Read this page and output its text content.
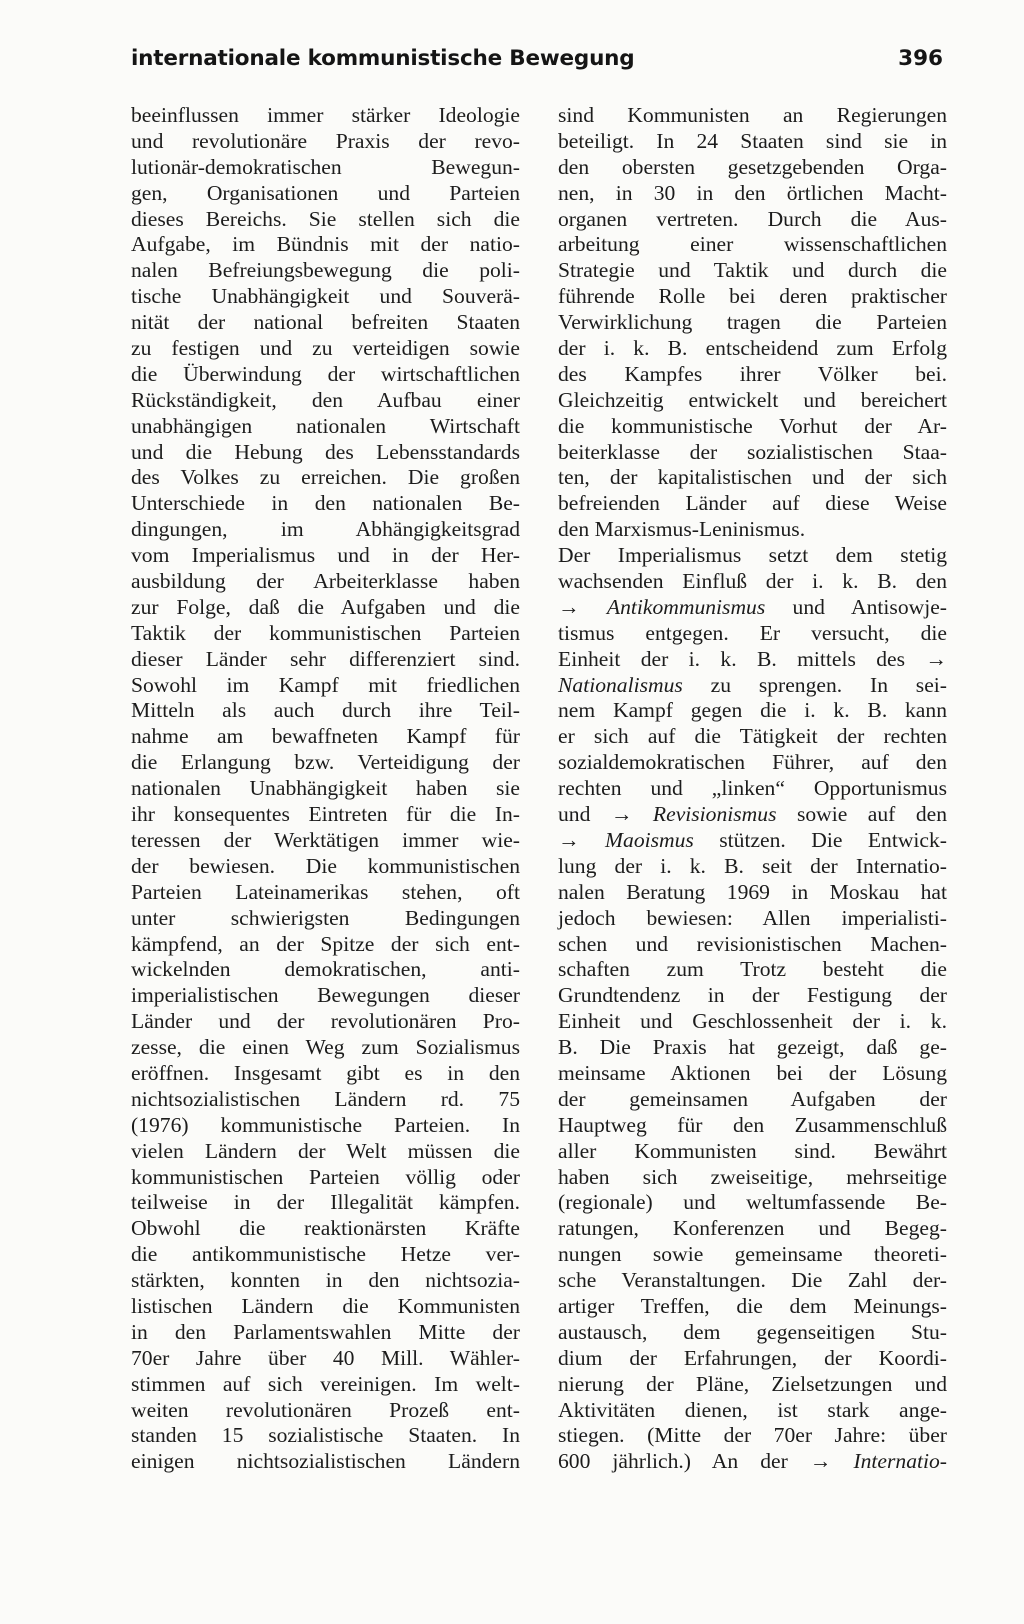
internationale kommunistische Bewegung	396
beeinflussen immer stärker Ideologie
und revolutionäre Praxis der revo-
lutionär-demokratischen Bewegun-
gen, Organisationen und Parteien
dieses Bereichs. Sie stellen sich die
Aufgabe, im Bündnis mit der natio-
nalen Befreiungsbewegung die poli-
tische Unabhängigkeit und Souverä-
nität der national befreiten Staaten
zu festigen und zu verteidigen sowie
die Überwindung der wirtschaftlichen
Rückständigkeit, den Aufbau einer
unabhängigen nationalen Wirtschaft
und die Hebung des Lebensstandards
des Volkes zu erreichen. Die großen
Unterschiede in den nationalen Be-
dingungen, im Abhängigkeitsgrad
vom Imperialismus und in der Her-
ausbildung der Arbeiterklasse haben
zur Folge, daß die Aufgaben und die
Taktik der kommunistischen Parteien
dieser Länder sehr differenziert sind.
Sowohl im Kampf mit friedlichen
Mitteln als auch durch ihre Teil-
nahme am bewaffneten Kampf für
die Erlangung bzw. Verteidigung der
nationalen Unabhängigkeit haben sie
ihr konsequentes Eintreten für die In-
teressen der Werktätigen immer wie-
der bewiesen. Die kommunistischen
Parteien Lateinamerikas stehen, oft
unter schwierigsten Bedingungen
kämpfend, an der Spitze der sich ent-
wickelnden demokratischen, anti-
imperialistischen Bewegungen dieser
Länder und der revolutionären Pro-
zesse, die einen Weg zum Sozialismus
eröffnen. Insgesamt gibt es in den
nichtsozialistischen Ländern rd. 75
(1976) kommunistische Parteien. In
vielen Ländern der Welt müssen die
kommunistischen Parteien völlig oder
teilweise in der Illegalität kämpfen.
Obwohl die reaktionärsten Kräfte
die antikommunistische Hetze ver-
stärkten, konnten in den nichtsozia-
listischen Ländern die Kommunisten
in den Parlamentswahlen Mitte der
70er Jahre über 40 Mill. Wähler-
stimmen auf sich vereinigen. Im welt-
weiten revolutionären Prozeß ent-
standen 15 sozialistische Staaten. In
einigen nichtsozialistischen Ländern
sind Kommunisten an Regierungen
beteiligt. In 24 Staaten sind sie in
den obersten gesetzgebenden Orga-
nen, in 30 in den örtlichen Macht-
organen vertreten. Durch die Aus-
arbeitung einer wissenschaftlichen
Strategie und Taktik und durch die
führende Rolle bei deren praktischer
Verwirklichung tragen die Parteien
der i. k. B. entscheidend zum Erfolg
des Kampfes ihrer Völker bei.
Gleichzeitig entwickelt und bereichert
die kommunistische Vorhut der Ar-
beiterklasse der sozialistischen Staa-
ten, der kapitalistischen und der sich
befreienden Länder auf diese Weise
den Marxismus-Leninismus.
Der Imperialismus setzt dem stetig
wachsenden Einfluß der i. k. B. den
→ Antikommunismus und Antisowje-
tismus entgegen. Er versucht, die
Einheit der i. k. B. mittels des →
Nationalismus zu sprengen. In sei-
nem Kampf gegen die i. k. B. kann
er sich auf die Tätigkeit der rechten
sozialdemokratischen Führer, auf den
rechten und „linken“ Opportunismus
und → Revisionismus sowie auf den
→ Maoismus stützen. Die Entwick-
lung der i. k. B. seit der Internatio-
nalen Beratung 1969 in Moskau hat
jedoch bewiesen: Allen imperialisti-
schen und revisionistischen Machen-
schaften zum Trotz besteht die
Grundtendenz in der Festigung der
Einheit und Geschlossenheit der i. k.
B. Die Praxis hat gezeigt, daß ge-
meinsame Aktionen bei der Lösung
der gemeinsamen Aufgaben der
Hauptweg für den Zusammenschluß
aller Kommunisten sind. Bewährt
haben sich zweiseitige, mehrseitige
(regionale) und weltumfassende Be-
ratungen, Konferenzen und Begeg-
nungen sowie gemeinsame theoreti-
sche Veranstaltungen. Die Zahl der-
artiger Treffen, die dem Meinungs-
austausch, dem gegenseitigen Stu-
dium der Erfahrungen, der Koordi-
nierung der Pläne, Zielsetzungen und
Aktivitäten dienen, ist stark ange-
stiegen. (Mitte der 70er Jahre: über
600 jährlich.) An der → Internatio-
